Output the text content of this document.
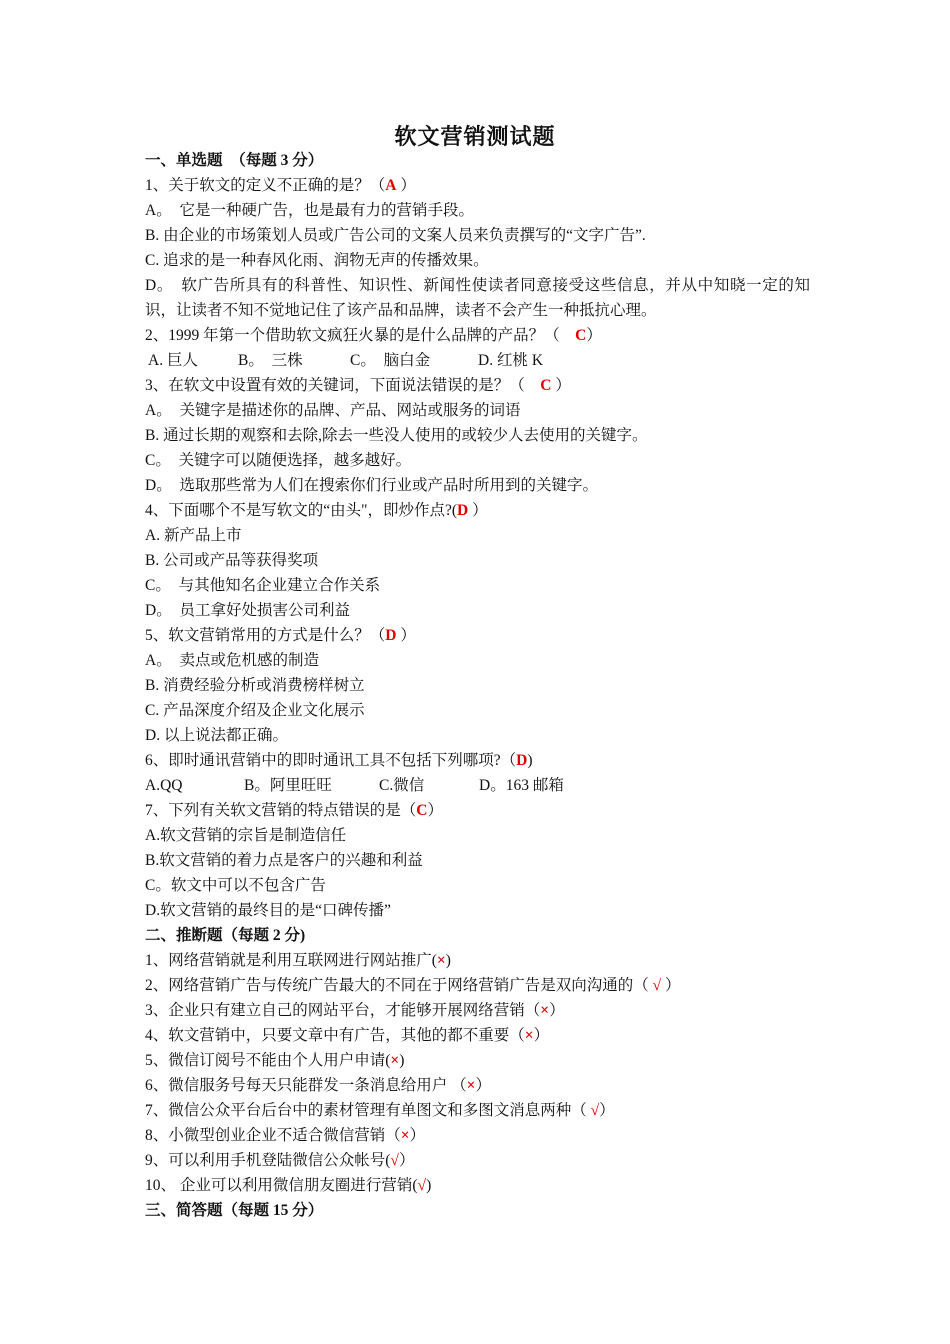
软文营销测试题
一、单选题　（每题 3 分）
1、关于软文的定义不正确的是？（A ）
A。　它是一种硬广告，也是最有力的营销手段。
B. 由企业的市场策划人员或广告公司的文案人员来负责撰写的“文字广告”.
C. 追求的是一种春风化雨、润物无声的传播效果。
D。　软广告所具有的科普性、知识性、新闻性使读者同意接受这些信息，并从中知晓一定的知识，让读者不知不觉地记住了该产品和品牌，读者不会产生一种抵抗心理。
2、1999 年第一个借助软文疯狂火暴的是什么品牌的产品？（　C）
A. 巨人	B。　三株	C。　脑白金	D. 红桃 K
3、在软文中设置有效的关键词，下面说法错误的是？（　C ）
A。　关键字是描述你的品牌、产品、网站或服务的词语
B. 通过长期的观察和去除,除去一些没人使用的或较少人去使用的关键字。
C。　关键字可以随便选择，越多越好。
D。　选取那些常为人们在搜索你们行业或产品时所用到的关键字。
4、下面哪个不是写软文的“由头"，即炒作点?(D ）
A. 新产品上市
B. 公司或产品等获得奖项
C。　与其他知名企业建立合作关系
D。　员工拿好处损害公司利益
5、软文营销常用的方式是什么？（D ）
A。　卖点或危机感的制造
B. 消费经验分析或消费榜样树立
C. 产品深度介绍及企业文化展示
D. 以上说法都正确。
6、即时通讯营销中的即时通讯工具不包括下列哪项?（D)
A.QQ	B。阿里旺旺	C.微信	D。163 邮箱
7、下列有关软文营销的特点错误的是（C）
A.软文营销的宗旨是制造信任
B.软文营销的着力点是客户的兴趣和利益
C。软文中可以不包含广告
D.软文营销的最终目的是“口碑传播”
二、推断题（每题 2 分)
1、网络营销就是利用互联网进行网站推广(×)
2、网络营销广告与传统广告最大的不同在于网络营销广告是双向沟通的（ √ ）
3、企业只有建立自己的网站平台，才能够开展网络营销（×）
4、软文营销中，只要文章中有广告，其他的都不重要（×）
5、微信订阅号不能由个人用户申请(×)
6、微信服务号每天只能群发一条消息给用户 （×）
7、微信公众平台后台中的素材管理有单图文和多图文消息两种（ √）
8、小微型创业企业不适合微信营销（×）
9、可以利用手机登陆微信公众帐号(√）
10、 企业可以利用微信朋友圈进行营销(√)
三、简答题（每题 15 分）
